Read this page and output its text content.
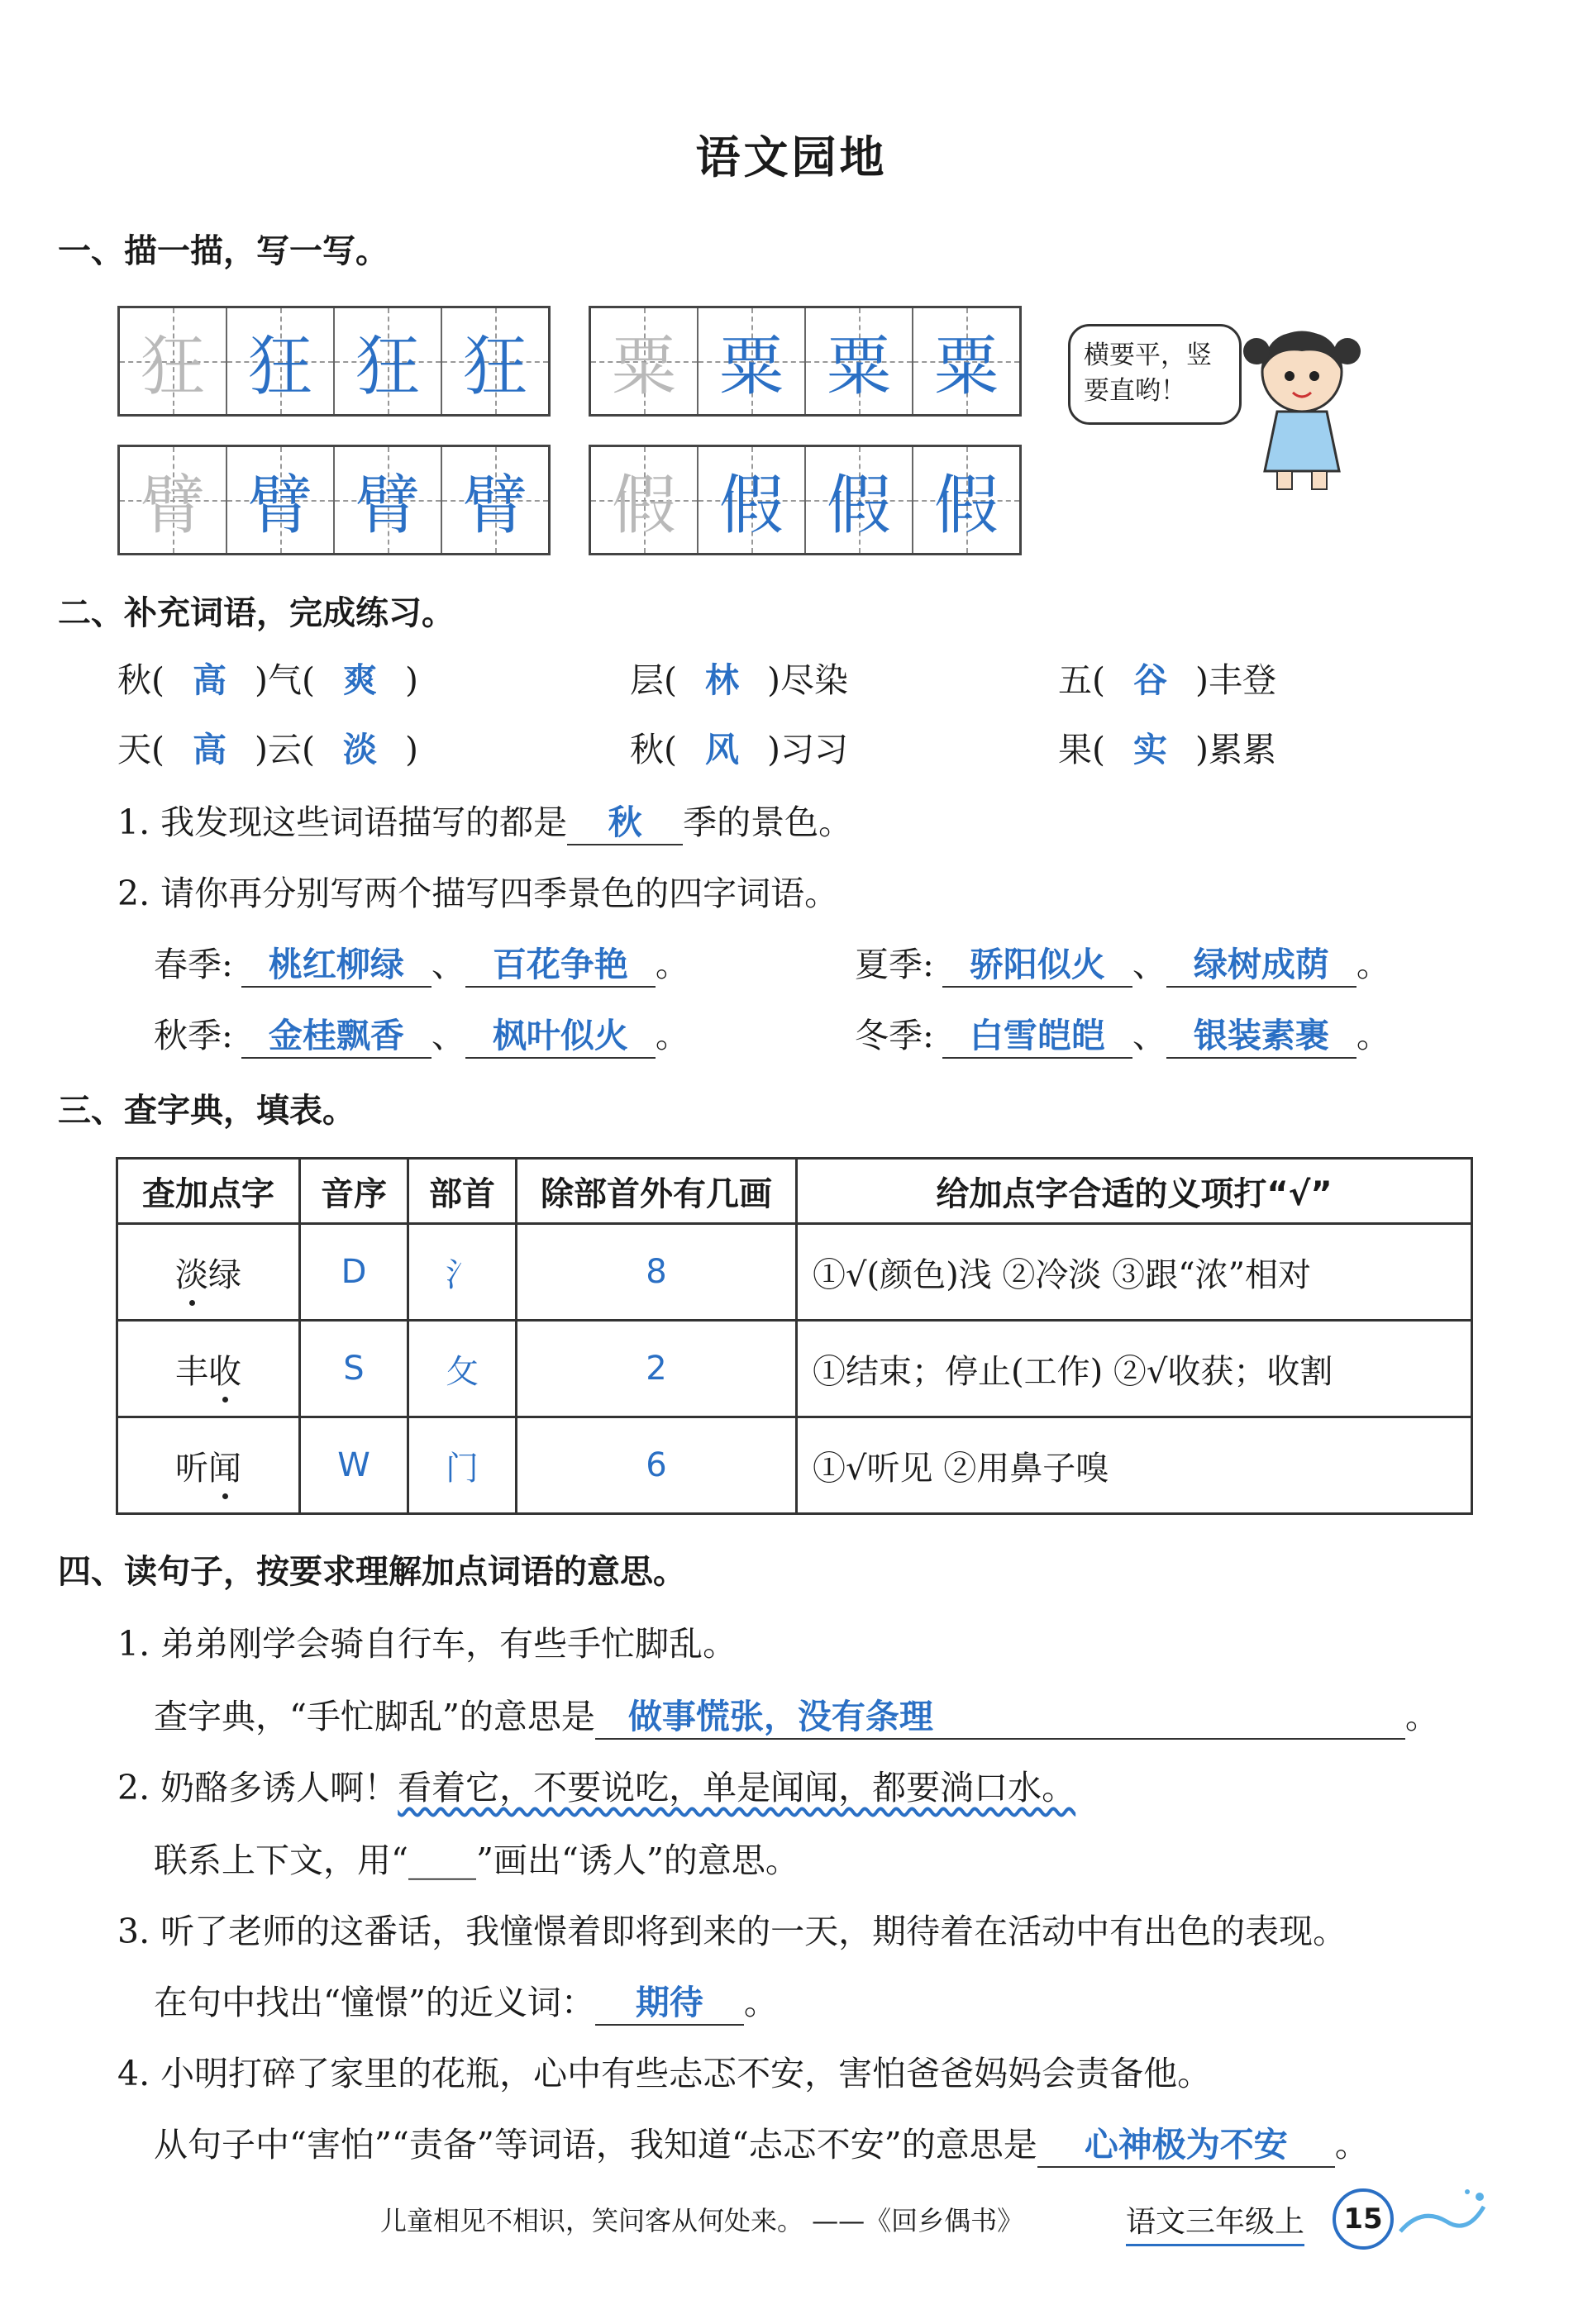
语文园地
一、描一描，写一写。
狂 狂 狂 狂 粟 粟 粟 粟
臂 臂 臂 臂 假 假 假 假
横要平，竖要直哟！
二、补充词语，完成练习。
秋( 高 )气( 爽 )	层( 林 )尽染	五( 谷 )丰登
天( 高 )云( 淡 )	秋( 风 )习习	果( 实 )累累
1. 我发现这些词语描写的都是 秋 季的景色。
2. 请你再分别写两个描写四季景色的四字词语。
春季: 桃红柳绿 、 百花争艳 。	夏季: 骄阳似火 、 绿树成荫 。
秋季: 金桂飘香 、 枫叶似火 。	冬季: 白雪皑皑 、 银装素裹 。
三、查字典，填表。
查加点字	音序	部首	除部首外有几画	给加点字合适的义项打“√”
淡绿	D	氵	8	①√(颜色)浅 ②冷淡 ③跟“浓”相对
丰收	S	攵	2	①结束；停止(工作) ②√收获；收割
听闻	W	门	6	①√听见 ②用鼻子嗅
四、读句子，按要求理解加点词语的意思。
1. 弟弟刚学会骑自行车，有些手忙脚乱。
查字典，“手忙脚乱”的意思是 做事慌张，没有条理	。
2. 奶酪多诱人啊！看着它，不要说吃，单是闻闻，都要淌口水。
联系上下文，用“____”画出“诱人”的意思。
3. 听了老师的这番话，我憧憬着即将到来的一天，期待着在活动中有出色的表现。
在句中找出“憧憬”的近义词： 期待 。
4. 小明打碎了家里的花瓶，心中有些忐忑不安，害怕爸爸妈妈会责备他。
从句子中“害怕”“责备”等词语，我知道“忐忑不安”的意思是 心神极为不安 。
儿童相见不相识，笑问客从何处来。 ——《回乡偶书》	语文三年级上	15
